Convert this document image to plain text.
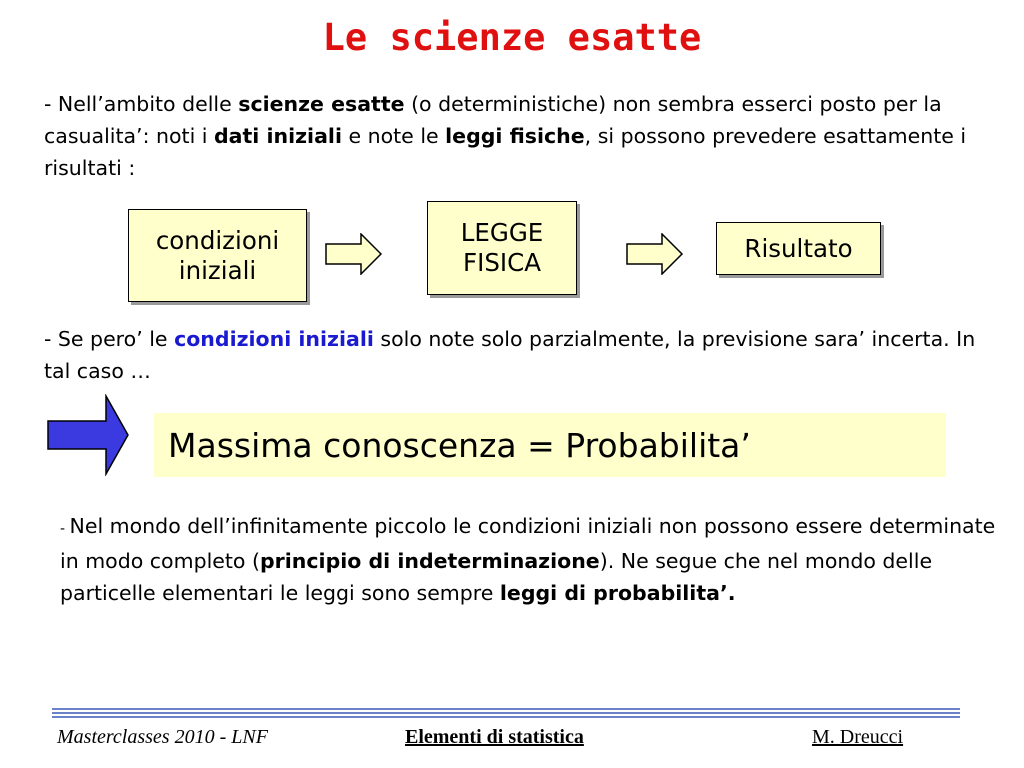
Le scienze esatte
- Nell’ambito delle scienze esatte (o deterministiche) non sembra esserci posto per la casualita’: noti i dati iniziali e note le leggi fisiche, si possono prevedere esattamente i risultati :
condizioni
iniziali
LEGGE
FISICA	Risultato
- Se pero’ le condizioni iniziali solo note solo parzialmente, la previsione sara’ incerta. In tal caso …
Massima conoscenza = Probabilita’
- Nel mondo dell’infinitamente piccolo le condizioni iniziali non possono essere determinate in modo completo (principio di indeterminazione). Ne segue che nel mondo delle particelle elementari le leggi sono sempre leggi di probabilita’.
Masterclasses 2010 - LNF	Elementi di statistica	M. Dreucci
